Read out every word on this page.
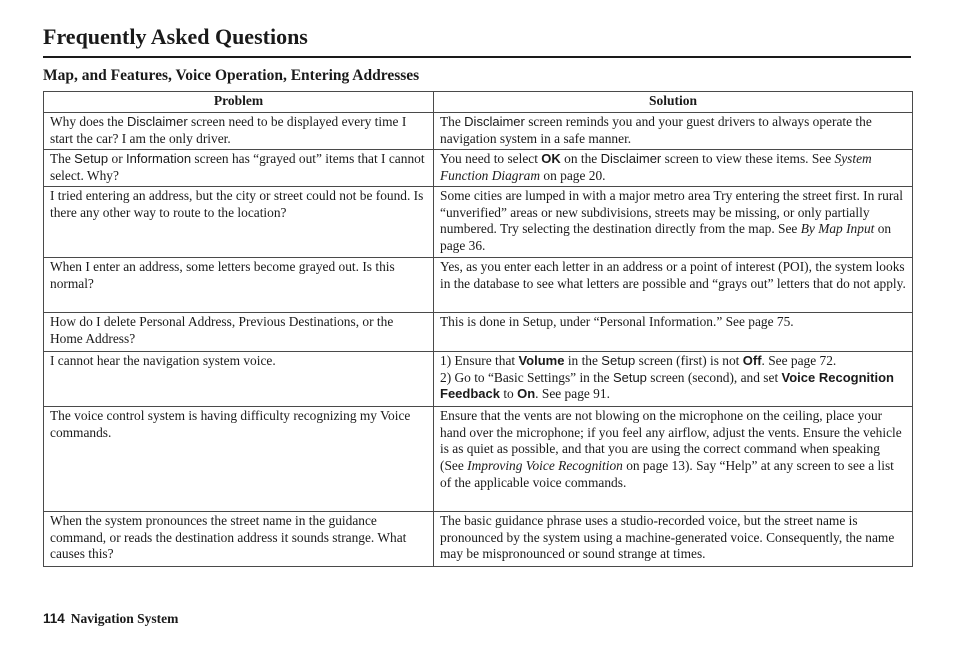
Frequently Asked Questions
Map, and Features, Voice Operation, Entering Addresses
Problem	Solution
Why does the Disclaimer screen need to be displayed every time I start the car? I am the only driver.	The Disclaimer screen reminds you and your guest drivers to always operate the navigation system in a safe manner.
The Setup or Information screen has “grayed out” items that I cannot select. Why?	You need to select OK on the Disclaimer screen to view these items. See System Function Diagram on page 20.
I tried entering an address, but the city or street could not be found. Is there any other way to route to the location?	Some cities are lumped in with a major metro area Try entering the street first. In rural “unverified” areas or new subdivisions, streets may be missing, or only partially numbered. Try selecting the destination directly from the map. See By Map Input on page 36.
When I enter an address, some letters become grayed out. Is this normal?	Yes, as you enter each letter in an address or a point of interest (POI), the system looks in the database to see what letters are possible and “grays out” letters that do not apply.
How do I delete Personal Address, Previous Destinations, or the Home Address?	This is done in Setup, under “Personal Information.” See page 75.
I cannot hear the navigation system voice.	1) Ensure that Volume in the Setup screen (first) is not Off. See page 72.
2) Go to “Basic Settings” in the Setup screen (second), and set Voice Recognition Feedback to On. See page 91.
The voice control system is having difficulty recognizing my Voice commands.	Ensure that the vents are not blowing on the microphone on the ceiling, place your hand over the microphone; if you feel any airflow, adjust the vents. Ensure the vehicle is as quiet as possible, and that you are using the correct command when speaking (See Improving Voice Recognition on page 13). Say “Help” at any screen to see a list of the applicable voice commands.
When the system pronounces the street name in the guidance command, or reads the destination address it sounds strange. What causes this?	The basic guidance phrase uses a studio-recorded voice, but the street name is pronounced by the system using a machine-generated voice. Consequently, the name may be mispronounced or sound strange at times.
114 Navigation System
